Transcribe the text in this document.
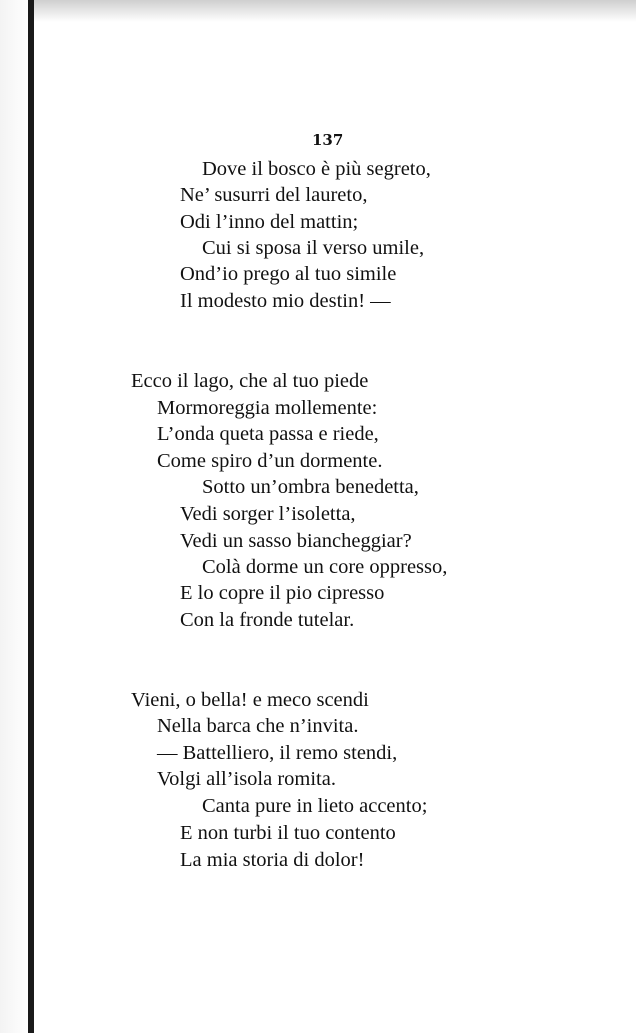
137
Dove il bosco è più segreto,
Ne’ susurri del laureto,
Odi l’inno del mattin;
Cui si sposa il verso umile,
Ond’io prego al tuo simile
Il modesto mio destin! —
Ecco il lago, che al tuo piede
Mormoreggia mollemente:
L’onda queta passa e riede,
Come spiro d’un dormente.
Sotto un’ombra benedetta,
Vedi sorger l’isoletta,
Vedi un sasso biancheggiar?
Colà dorme un core oppresso,
E lo copre il pio cipresso
Con la fronde tutelar.
Vieni, o bella! e meco scendi
Nella barca che n’invita.
— Battelliero, il remo stendi,
Volgi all’isola romita.
Canta pure in lieto accento;
E non turbi il tuo contento
La mia storia di dolor!
